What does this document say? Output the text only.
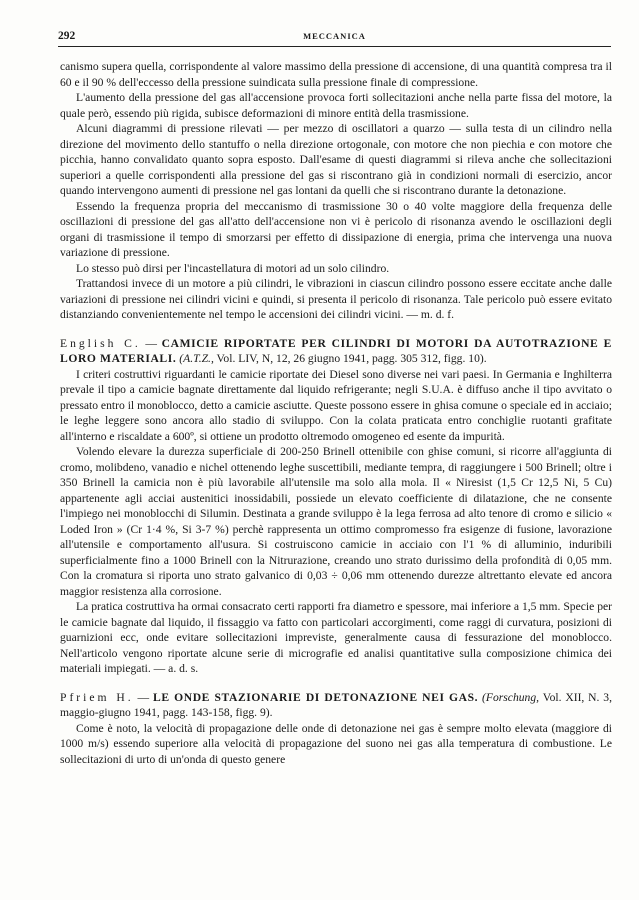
292	MECCANICA

canismo supera quella, corrispondente al valore massimo della pressione di accensione, di una quantità compresa tra il 60 e il 90 % dell'eccesso della pressione suindicata sulla pressione finale di compressione.

L'aumento della pressione del gas all'accensione provoca forti sollecitazioni anche nella parte fissa del motore, la quale però, essendo più rigida, subisce deformazioni di minore entità della trasmissione.

Alcuni diagrammi di pressione rilevati — per mezzo di oscillatori a quarzo — sulla testa di un cilindro nella direzione del movimento dello stantuffo o nella direzione ortogonale, con motore che non piechia e con motore che picchia, hanno convalidato quanto sopra esposto. Dall'esame di questi diagrammi si rileva anche che sollecitazioni superiori a quelle corrispondenti alla pressione del gas si riscontrano già in condizioni normali di esercizio, ancor quando intervengono aumenti di pressione nel gas lontani da quelli che si riscontrano durante la detonazione.

Essendo la frequenza propria del meccanismo di trasmissione 30 o 40 volte maggiore della frequenza delle oscillazioni di pressione del gas all'atto dell'accensione non vi è pericolo di risonanza avendo le oscillazioni degli organi di trasmissione il tempo di smorzarsi per effetto di dissipazione di energia, prima che intervenga una nuova variazione di pressione.

Lo stesso può dirsi per l'incastellatura di motori ad un solo cilindro.

Trattandosi invece di un motore a più cilindri, le vibrazioni in ciascun cilindro possono essere eccitate anche dalle variazioni di pressione nei cilindri vicini e quindi, si presenta il pericolo di risonanza. Tale pericolo può essere evitato distanziando convenientemente nel tempo le accensioni dei cilindri vicini. — m. d. f.

English C. — CAMICIE RIPORTATE PER CILINDRI DI MOTORI DA AUTOTRAZIONE E LORO MATERIALI. (A.T.Z., Vol. LIV, N, 12, 26 giugno 1941, pagg. 305 312, figg. 10).

I criteri costruttivi riguardanti le camicie riportate dei Diesel sono diverse nei vari paesi. In Germania e Inghilterra prevale il tipo a camicie bagnate direttamente dal liquido refrigerante; negli S.U.A. è diffuso anche il tipo avvitato o pressato entro il monoblocco, detto a camicie asciutte. Queste possono essere in ghisa comune o speciale ed in acciaio; le leghe leggere sono ancora allo stadio di sviluppo. Con la colata praticata entro conchiglie ruotanti grafitate all'interno e riscaldate a 600º, si ottiene un prodotto oltremodo omogeneo ed esente da impurità.

Volendo elevare la durezza superficiale di 200-250 Brinell ottenibile con ghise comuni, si ricorre all'aggiunta di cromo, molibdeno, vanadio e nichel ottenendo leghe suscettibili, mediante tempra, di raggiungere i 500 Brinell; oltre i 350 Brinell la camicia non è più lavorabile all'utensile ma solo alla mola. Il « Niresist (1,5 Cr 12,5 Ni, 5 Cu) appartenente agli acciai austenitici inossidabili, possiede un elevato coefficiente di dilatazione, che ne consente l'impiego nei monoblocchi di Silumin. Destinata a grande sviluppo è la lega ferrosa ad alto tenore di cromo e silicio « Loded Iron » (Cr 1·4 %, Si 3-7 %) perchè rappresenta un ottimo compromesso fra esigenze di fusione, lavorazione all'utensile e comportamento all'usura. Si costruiscono camicie in acciaio con l'1 % di alluminio, induribili superficialmente fino a 1000 Brinell con la Nitrurazione, creando uno strato durissimo della profondità di 0,05 mm. Con la cromatura si riporta uno strato galvanico di 0,03 ÷ 0,06 mm ottenendo durezze altrettanto elevate ed ancora maggior resistenza alla corrosione.

La pratica costruttiva ha ormai consacrato certi rapporti fra diametro e spessore, mai inferiore a 1,5 mm. Specie per le camicie bagnate dal liquido, il fissaggio va fatto con particolari accorgimenti, come raggi di curvatura, posizioni di guarnizioni ecc, onde evitare sollecitazioni impreviste, generalmente causa di fessurazione del monoblocco. Nell'articolo vengono riportate alcune serie di micrografie ed analisi quantitative sulla composizione chimica dei materiali impiegati. — a. d. s.

Pfriem H. — LE ONDE STAZIONARIE DI DETONAZIONE NEI GAS. (Forschung, Vol. XII, N. 3, maggio-giugno 1941, pagg. 143-158, figg. 9).

Come è noto, la velocità di propagazione delle onde di detonazione nei gas è sempre molto elevata (maggiore di 1000 m/s) essendo superiore alla velocità di propagazione del suono nei gas alla temperatura di combustione. Le sollecitazioni di urto di un'onda di questo genere
